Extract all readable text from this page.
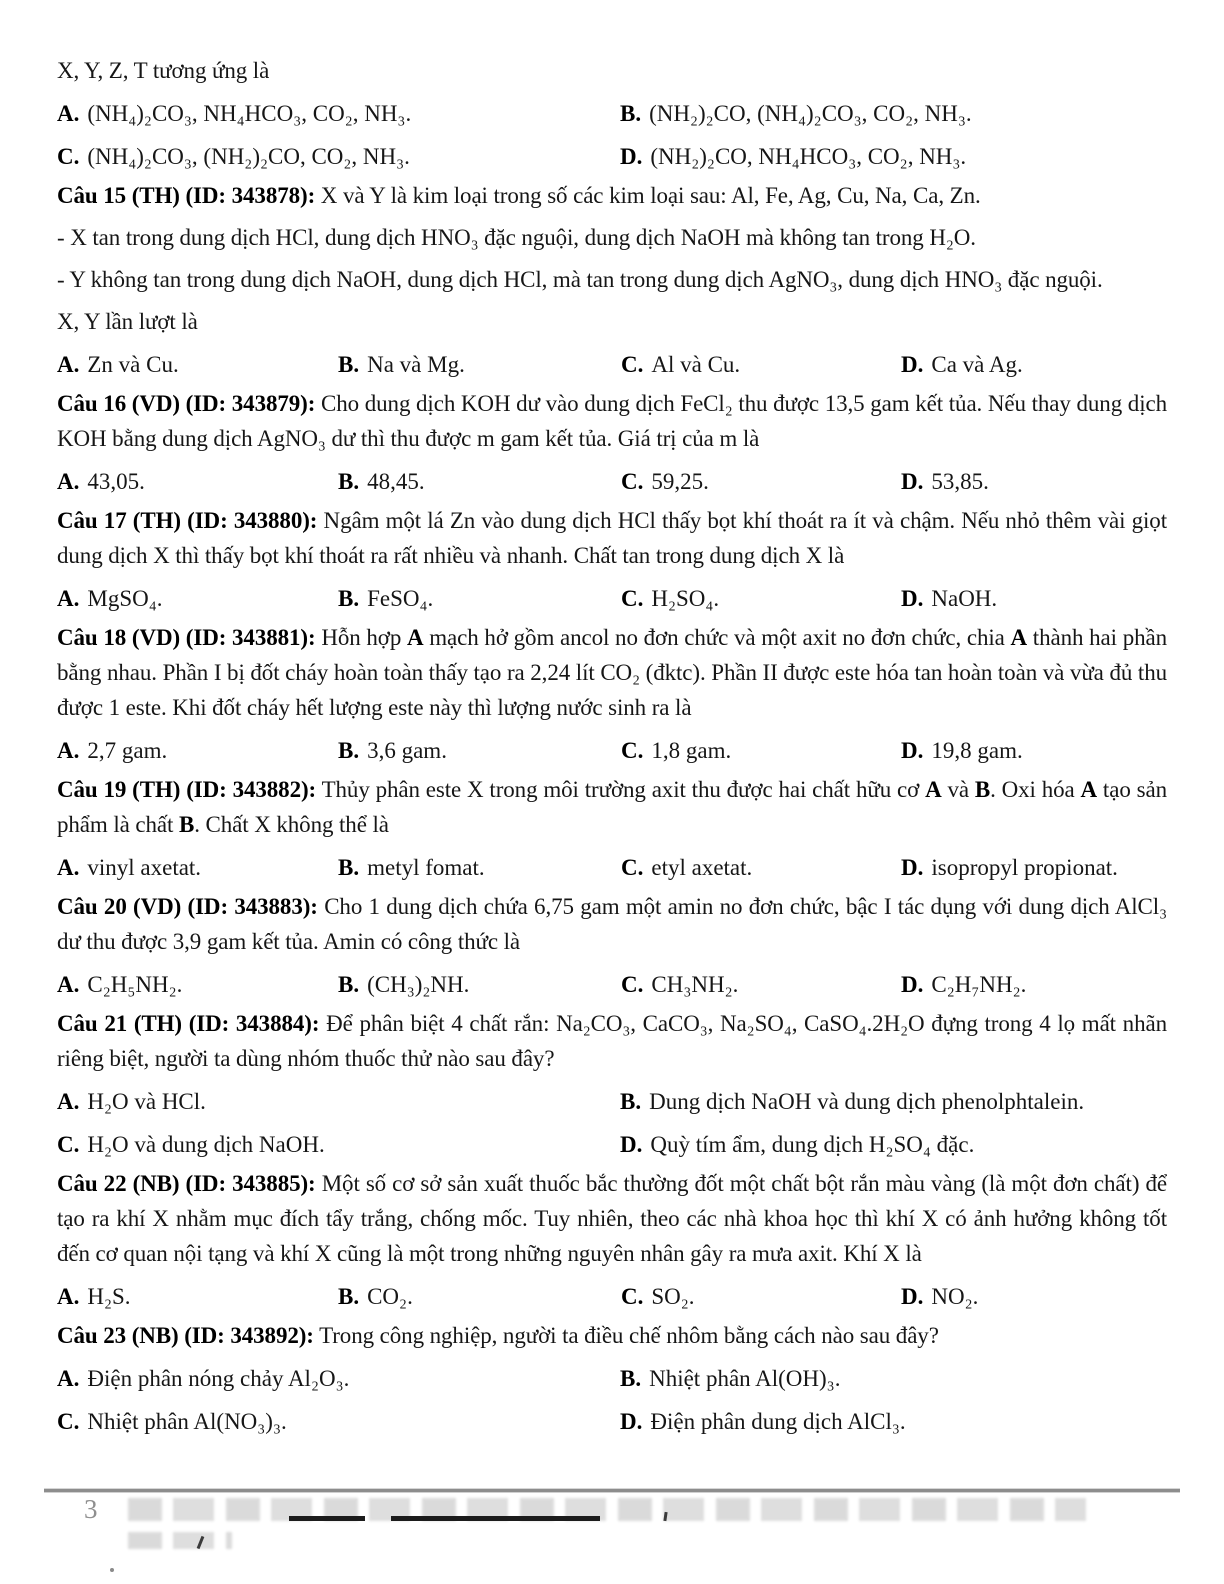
X, Y, Z, T tương ứng là

A. (NH₄)₂CO₃, NH₄HCO₃, CO₂, NH₃.	B. (NH₂)₂CO, (NH₄)₂CO₃, CO₂, NH₃.
C. (NH₄)₂CO₃, (NH₂)₂CO, CO₂, NH₃.	D. (NH₂)₂CO, NH₄HCO₃, CO₂, NH₃.

Câu 15 (TH) (ID: 343878): X và Y là kim loại trong số các kim loại sau: Al, Fe, Ag, Cu, Na, Ca, Zn.

- X tan trong dung dịch HCl, dung dịch HNO₃ đặc nguội, dung dịch NaOH mà không tan trong H₂O.

- Y không tan trong dung dịch NaOH, dung dịch HCl, mà tan trong dung dịch AgNO₃, dung dịch HNO₃ đặc nguội.

X, Y lần lượt là

A. Zn và Cu.	B. Na và Mg.	C. Al và Cu.	D. Ca và Ag.

Câu 16 (VD) (ID: 343879): Cho dung dịch KOH dư vào dung dịch FeCl₂ thu được 13,5 gam kết tủa. Nếu thay dung dịch KOH bằng dung dịch AgNO₃ dư thì thu được m gam kết tủa. Giá trị của m là

A. 43,05.	B. 48,45.	C. 59,25.	D. 53,85.

Câu 17 (TH) (ID: 343880): Ngâm một lá Zn vào dung dịch HCl thấy bọt khí thoát ra ít và chậm. Nếu nhỏ thêm vài giọt dung dịch X thì thấy bọt khí thoát ra rất nhiều và nhanh. Chất tan trong dung dịch X là

A. MgSO₄.	B. FeSO₄.	C. H₂SO₄.	D. NaOH.

Câu 18 (VD) (ID: 343881): Hỗn hợp A mạch hở gồm ancol no đơn chức và một axit no đơn chức, chia A thành hai phần bằng nhau. Phần I bị đốt cháy hoàn toàn thấy tạo ra 2,24 lít CO₂ (đktc). Phần II được este hóa tan hoàn toàn và vừa đủ thu được 1 este. Khi đốt cháy hết lượng este này thì lượng nước sinh ra là

A. 2,7 gam.	B. 3,6 gam.	C. 1,8 gam.	D. 19,8 gam.

Câu 19 (TH) (ID: 343882): Thủy phân este X trong môi trường axit thu được hai chất hữu cơ A và B. Oxi hóa A tạo sản phẩm là chất B. Chất X không thể là

A. vinyl axetat.	B. metyl fomat.	C. etyl axetat.	D. isopropyl propionat.

Câu 20 (VD) (ID: 343883): Cho 1 dung dịch chứa 6,75 gam một amin no đơn chức, bậc I tác dụng với dung dịch AlCl₃ dư thu được 3,9 gam kết tủa. Amin có công thức là

A. C₂H₅NH₂.	B. (CH₃)₂NH.	C. CH₃NH₂.	D. C₂H₇NH₂.

Câu 21 (TH) (ID: 343884): Để phân biệt 4 chất rắn: Na₂CO₃, CaCO₃, Na₂SO₄, CaSO₄.2H₂O đựng trong 4 lọ mất nhãn riêng biệt, người ta dùng nhóm thuốc thử nào sau đây?

A. H₂O và HCl.	B. Dung dịch NaOH và dung dịch phenolphtalein.
C. H₂O và dung dịch NaOH.	D. Quỳ tím ẩm, dung dịch H₂SO₄ đặc.

Câu 22 (NB) (ID: 343885): Một số cơ sở sản xuất thuốc bắc thường đốt một chất bột rắn màu vàng (là một đơn chất) để tạo ra khí X nhằm mục đích tẩy trắng, chống mốc. Tuy nhiên, theo các nhà khoa học thì khí X có ảnh hưởng không tốt đến cơ quan nội tạng và khí X cũng là một trong những nguyên nhân gây ra mưa axit. Khí X là

A. H₂S.	B. CO₂.	C. SO₂.	D. NO₂.

Câu 23 (NB) (ID: 343892): Trong công nghiệp, người ta điều chế nhôm bằng cách nào sau đây?

A. Điện phân nóng chảy Al₂O₃.	B. Nhiệt phân Al(OH)₃.
C. Nhiệt phân Al(NO₃)₃.	D. Điện phân dung dịch AlCl₃.
3
